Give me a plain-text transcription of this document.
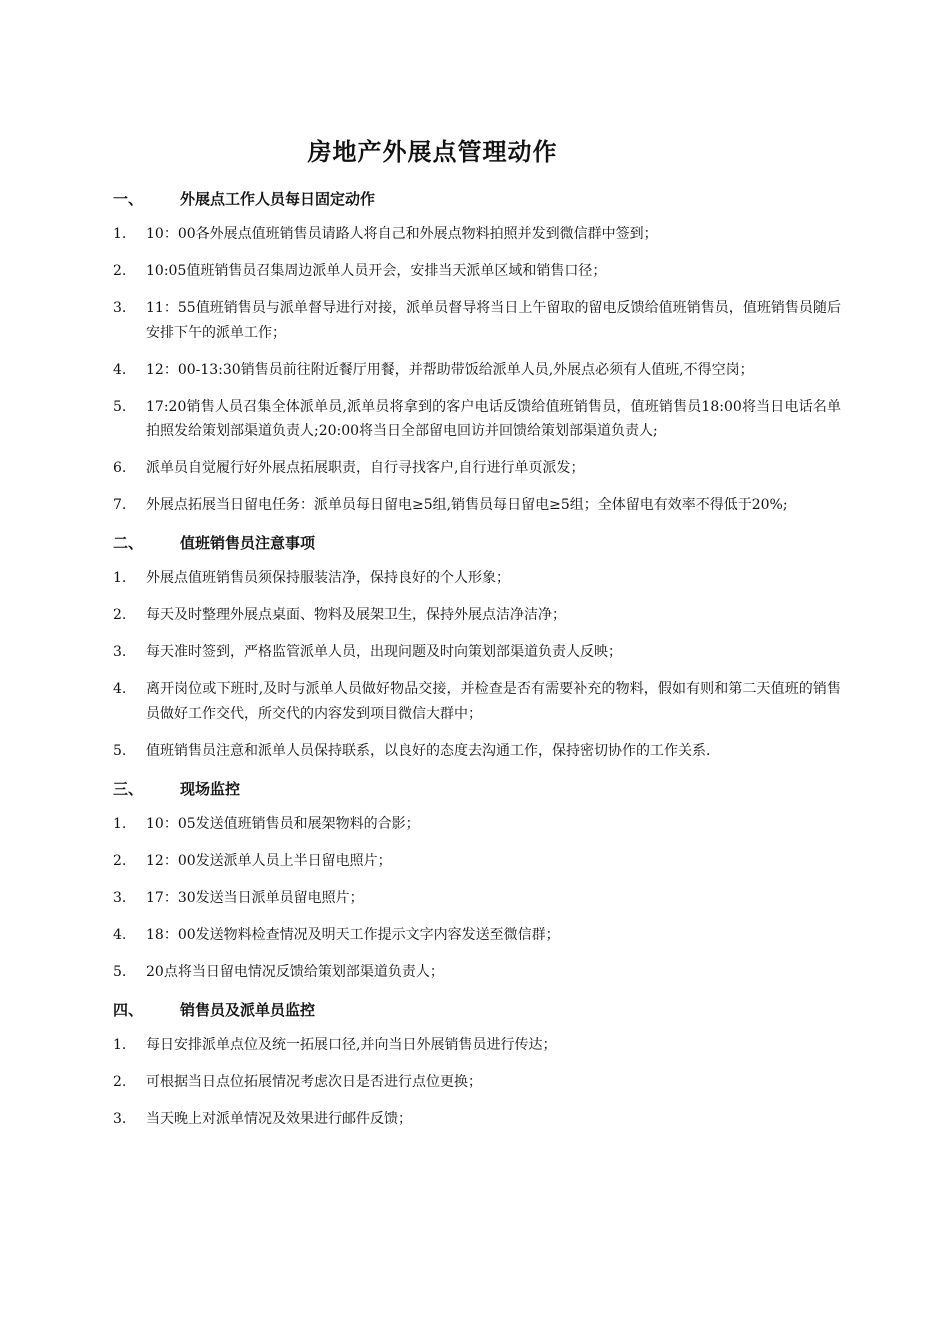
房地产外展点管理动作
一、	外展点工作人员每日固定动作
1.	10：00各外展点值班销售员请路人将自己和外展点物料拍照并发到微信群中签到；
2.	10:05值班销售员召集周边派单人员开会，安排当天派单区域和销售口径；
3.	11：55值班销售员与派单督导进行对接，派单员督导将当日上午留取的留电反馈给值班销售员，值班销售员随后安排下午的派单工作；
4.	12：00-13:30销售员前往附近餐厅用餐，并帮助带饭给派单人员,外展点必须有人值班,不得空岗；
5.	17:20销售人员召集全体派单员,派单员将拿到的客户电话反馈给值班销售员，值班销售员18:00将当日电话名单拍照发给策划部渠道负责人;20:00将当日全部留电回访并回馈给策划部渠道负责人;
6.	派单员自觉履行好外展点拓展职责，自行寻找客户,自行进行单页派发；
7.	外展点拓展当日留电任务：派单员每日留电≥5组,销售员每日留电≥5组；全体留电有效率不得低于20%;
二、	值班销售员注意事项
1.	外展点值班销售员须保持服装洁净，保持良好的个人形象；
2.	每天及时整理外展点桌面、物料及展架卫生，保持外展点洁净洁净；
3.	每天准时签到，严格监管派单人员，出现问题及时向策划部渠道负责人反映；
4.	离开岗位或下班时,及时与派单人员做好物品交接，并检查是否有需要补充的物料，假如有则和第二天值班的销售员做好工作交代，所交代的内容发到项目微信大群中；
5.	值班销售员注意和派单人员保持联系，以良好的态度去沟通工作，保持密切协作的工作关系.
三、	现场监控
1.	10：05发送值班销售员和展架物料的合影；
2.	12：00发送派单人员上半日留电照片；
3.	17：30发送当日派单员留电照片；
4.	18：00发送物料检查情况及明天工作提示文字内容发送至微信群；
5.	20点将当日留电情况反馈给策划部渠道负责人；
四、	销售员及派单员监控
1.	每日安排派单点位及统一拓展口径,并向当日外展销售员进行传达；
2.	可根据当日点位拓展情况考虑次日是否进行点位更换；
3.	当天晚上对派单情况及效果进行邮件反馈；
